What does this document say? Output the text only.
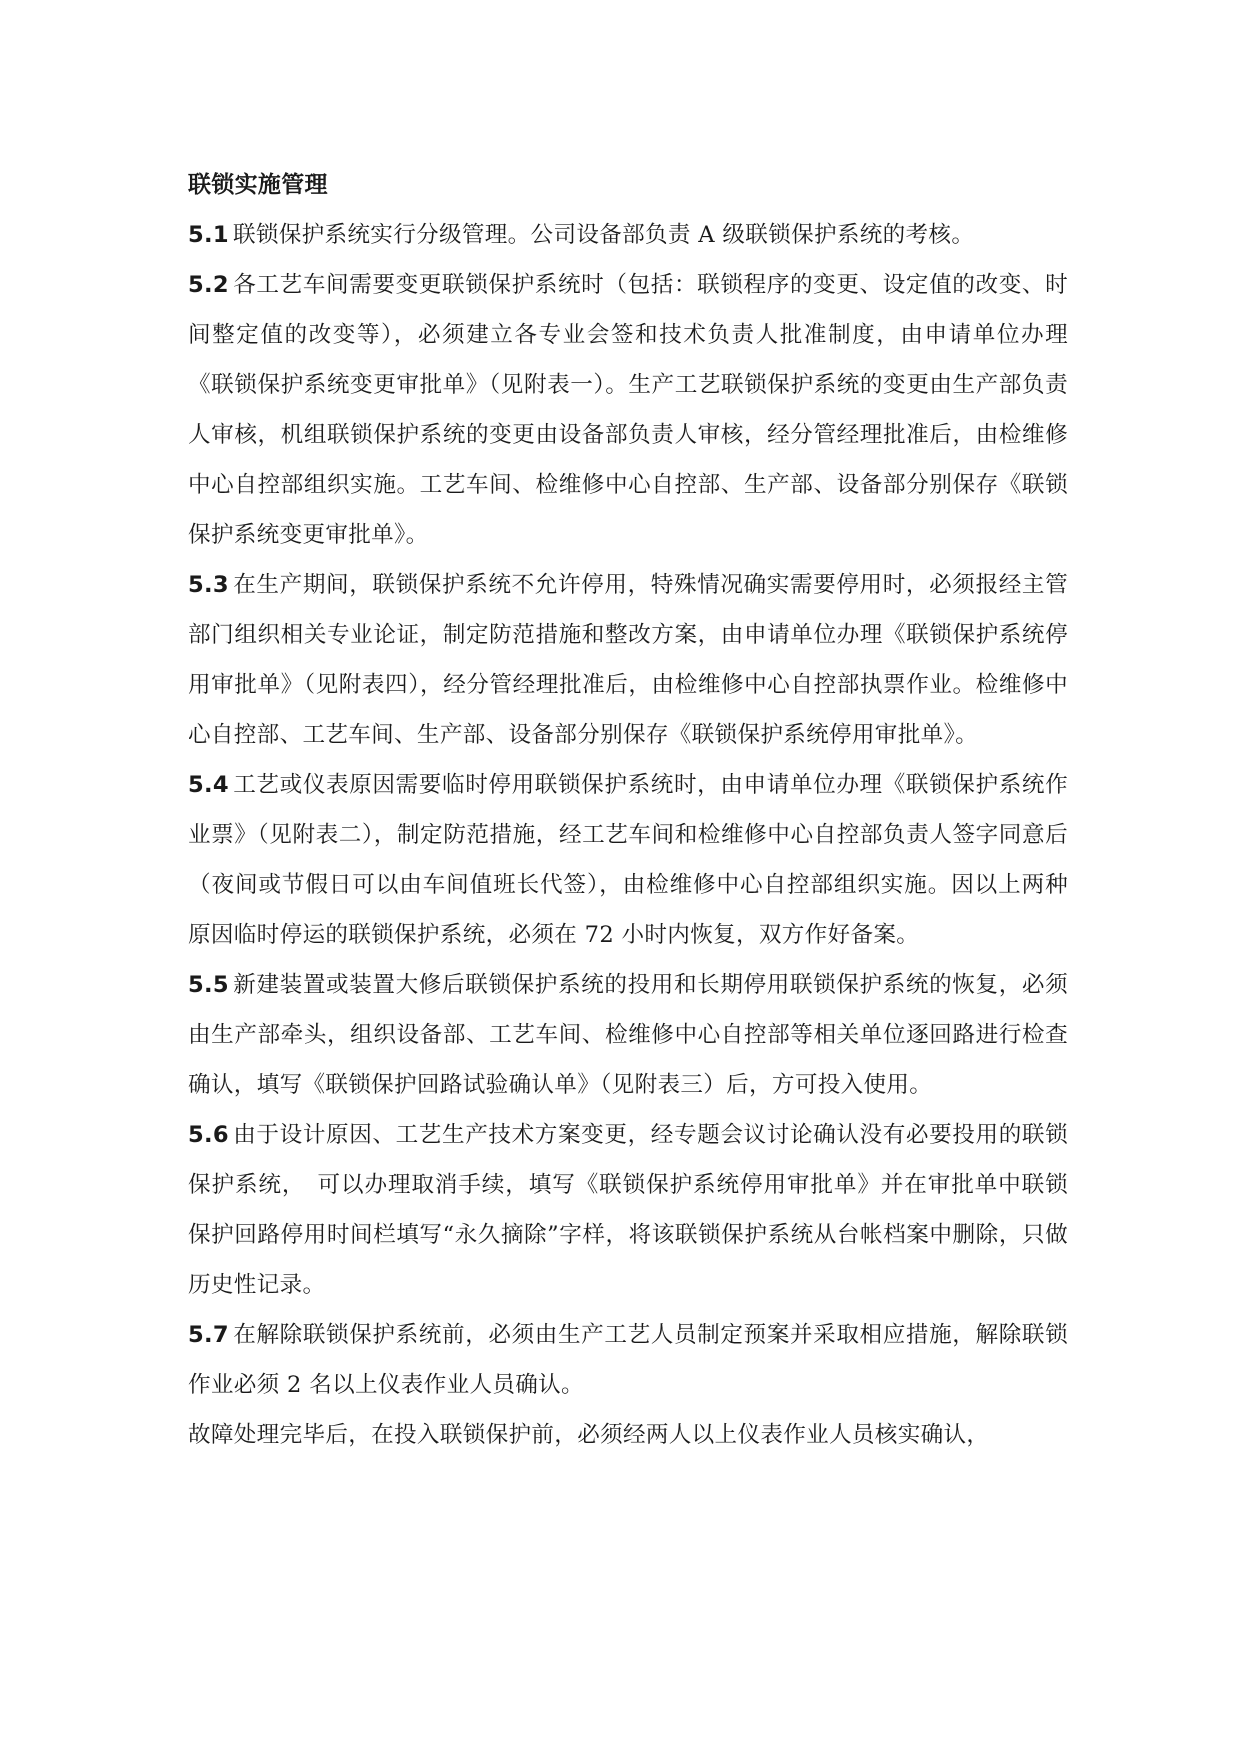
联锁实施管理

5.1 联锁保护系统实行分级管理。公司设备部负责 A 级联锁保护系统的考核。

5.2 各工艺车间需要变更联锁保护系统时（包括：联锁程序的变更、设定值的改变、时间整定值的改变等），必须建立各专业会签和技术负责人批准制度，由申请单位办理《联锁保护系统变更审批单》（见附表一）。生产工艺联锁保护系统的变更由生产部负责人审核，机组联锁保护系统的变更由设备部负责人审核，经分管经理批准后，由检维修中心自控部组织实施。工艺车间、检维修中心自控部、生产部、设备部分别保存《联锁保护系统变更审批单》。

5.3 在生产期间，联锁保护系统不允许停用，特殊情况确实需要停用时，必须报经主管部门组织相关专业论证，制定防范措施和整改方案，由申请单位办理《联锁保护系统停用审批单》（见附表四），经分管经理批准后，由检维修中心自控部执票作业。检维修中心自控部、工艺车间、生产部、设备部分别保存《联锁保护系统停用审批单》。

5.4 工艺或仪表原因需要临时停用联锁保护系统时，由申请单位办理《联锁保护系统作业票》（见附表二），制定防范措施，经工艺车间和检维修中心自控部负责人签字同意后（夜间或节假日可以由车间值班长代签），由检维修中心自控部组织实施。因以上两种原因临时停运的联锁保护系统，必须在 72 小时内恢复，双方作好备案。

5.5 新建装置或装置大修后联锁保护系统的投用和长期停用联锁保护系统的恢复，必须由生产部牵头，组织设备部、工艺车间、检维修中心自控部等相关单位逐回路进行检查确认，填写《联锁保护回路试验确认单》（见附表三）后，方可投入使用。

5.6 由于设计原因、工艺生产技术方案变更，经专题会议讨论确认没有必要投用的联锁保护系统，　可以办理取消手续，填写《联锁保护系统停用审批单》并在审批单中联锁保护回路停用时间栏填写“永久摘除”字样，将该联锁保护系统从台帐档案中删除，只做历史性记录。

5.7 在解除联锁保护系统前，必须由生产工艺人员制定预案并采取相应措施，解除联锁作业必须 2 名以上仪表作业人员确认。

故障处理完毕后，在投入联锁保护前，必须经两人以上仪表作业人员核实确认，
